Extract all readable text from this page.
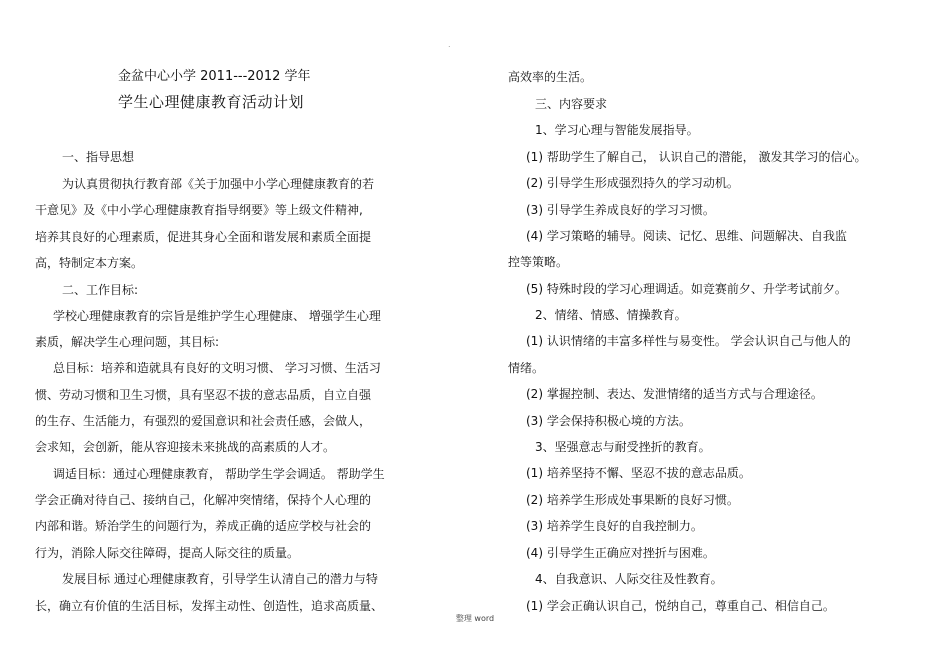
.
金盆中心小学 2011---2012 学年
学生心理健康教育活动计划
一、指导思想
为认真贯彻执行教育部《关于加强中小学心理健康教育的若
干意见》及《中小学心理健康教育指导纲要》等上级文件精神,
培养其良好的心理素质，促进其身心全面和谐发展和素质全面提
高，特制定本方案。
二、工作目标:
学校心理健康教育的宗旨是维护学生心理健康、 增强学生心理
素质，解决学生心理问题，其目标:
总目标：培养和造就具有良好的文明习惯、 学习习惯、生活习
惯、劳动习惯和卫生习惯，具有坚忍不拔的意志品质，自立自强
的生存、生活能力，有强烈的爱国意识和社会责任感，会做人，
会求知，会创新，能从容迎接未来挑战的高素质的人才。
调适目标：通过心理健康教育， 帮助学生学会调适。 帮助学生
学会正确对待自己、接纳自己，化解冲突情绪，保持个人心理的
内部和谐。矫治学生的问题行为，养成正确的适应学校与社会的
行为，消除人际交往障碍，提高人际交往的质量。
发展目标 通过心理健康教育，引导学生认清自己的潜力与特
长，确立有价值的生活目标，发挥主动性、创造性，追求高质量、
高效率的生活。
三、内容要求
1、学习心理与智能发展指导。
(1) 帮助学生了解自己， 认识自己的潜能， 激发其学习的信心。
(2) 引导学生形成强烈持久的学习动机。
(3) 引导学生养成良好的学习习惯。
(4) 学习策略的辅导。阅读、记忆、思维、问题解决、自我监
控等策略。
(5) 特殊时段的学习心理调适。如竞赛前夕、升学考试前夕。
2、情绪、情感、情操教育。
(1) 认识情绪的丰富多样性与易变性。 学会认识自己与他人的
情绪。
(2) 掌握控制、表达、发泄情绪的适当方式与合理途径。
(3) 学会保持积极心境的方法。
3、坚强意志与耐受挫折的教育。
(1) 培养坚持不懈、坚忍不拔的意志品质。
(2) 培养学生形成处事果断的良好习惯。
(3) 培养学生良好的自我控制力。
(4) 引导学生正确应对挫折与困难。
4、自我意识、人际交往及性教育。
(1) 学会正确认识自己，悦纳自己，尊重自己、相信自己。
整理 word
